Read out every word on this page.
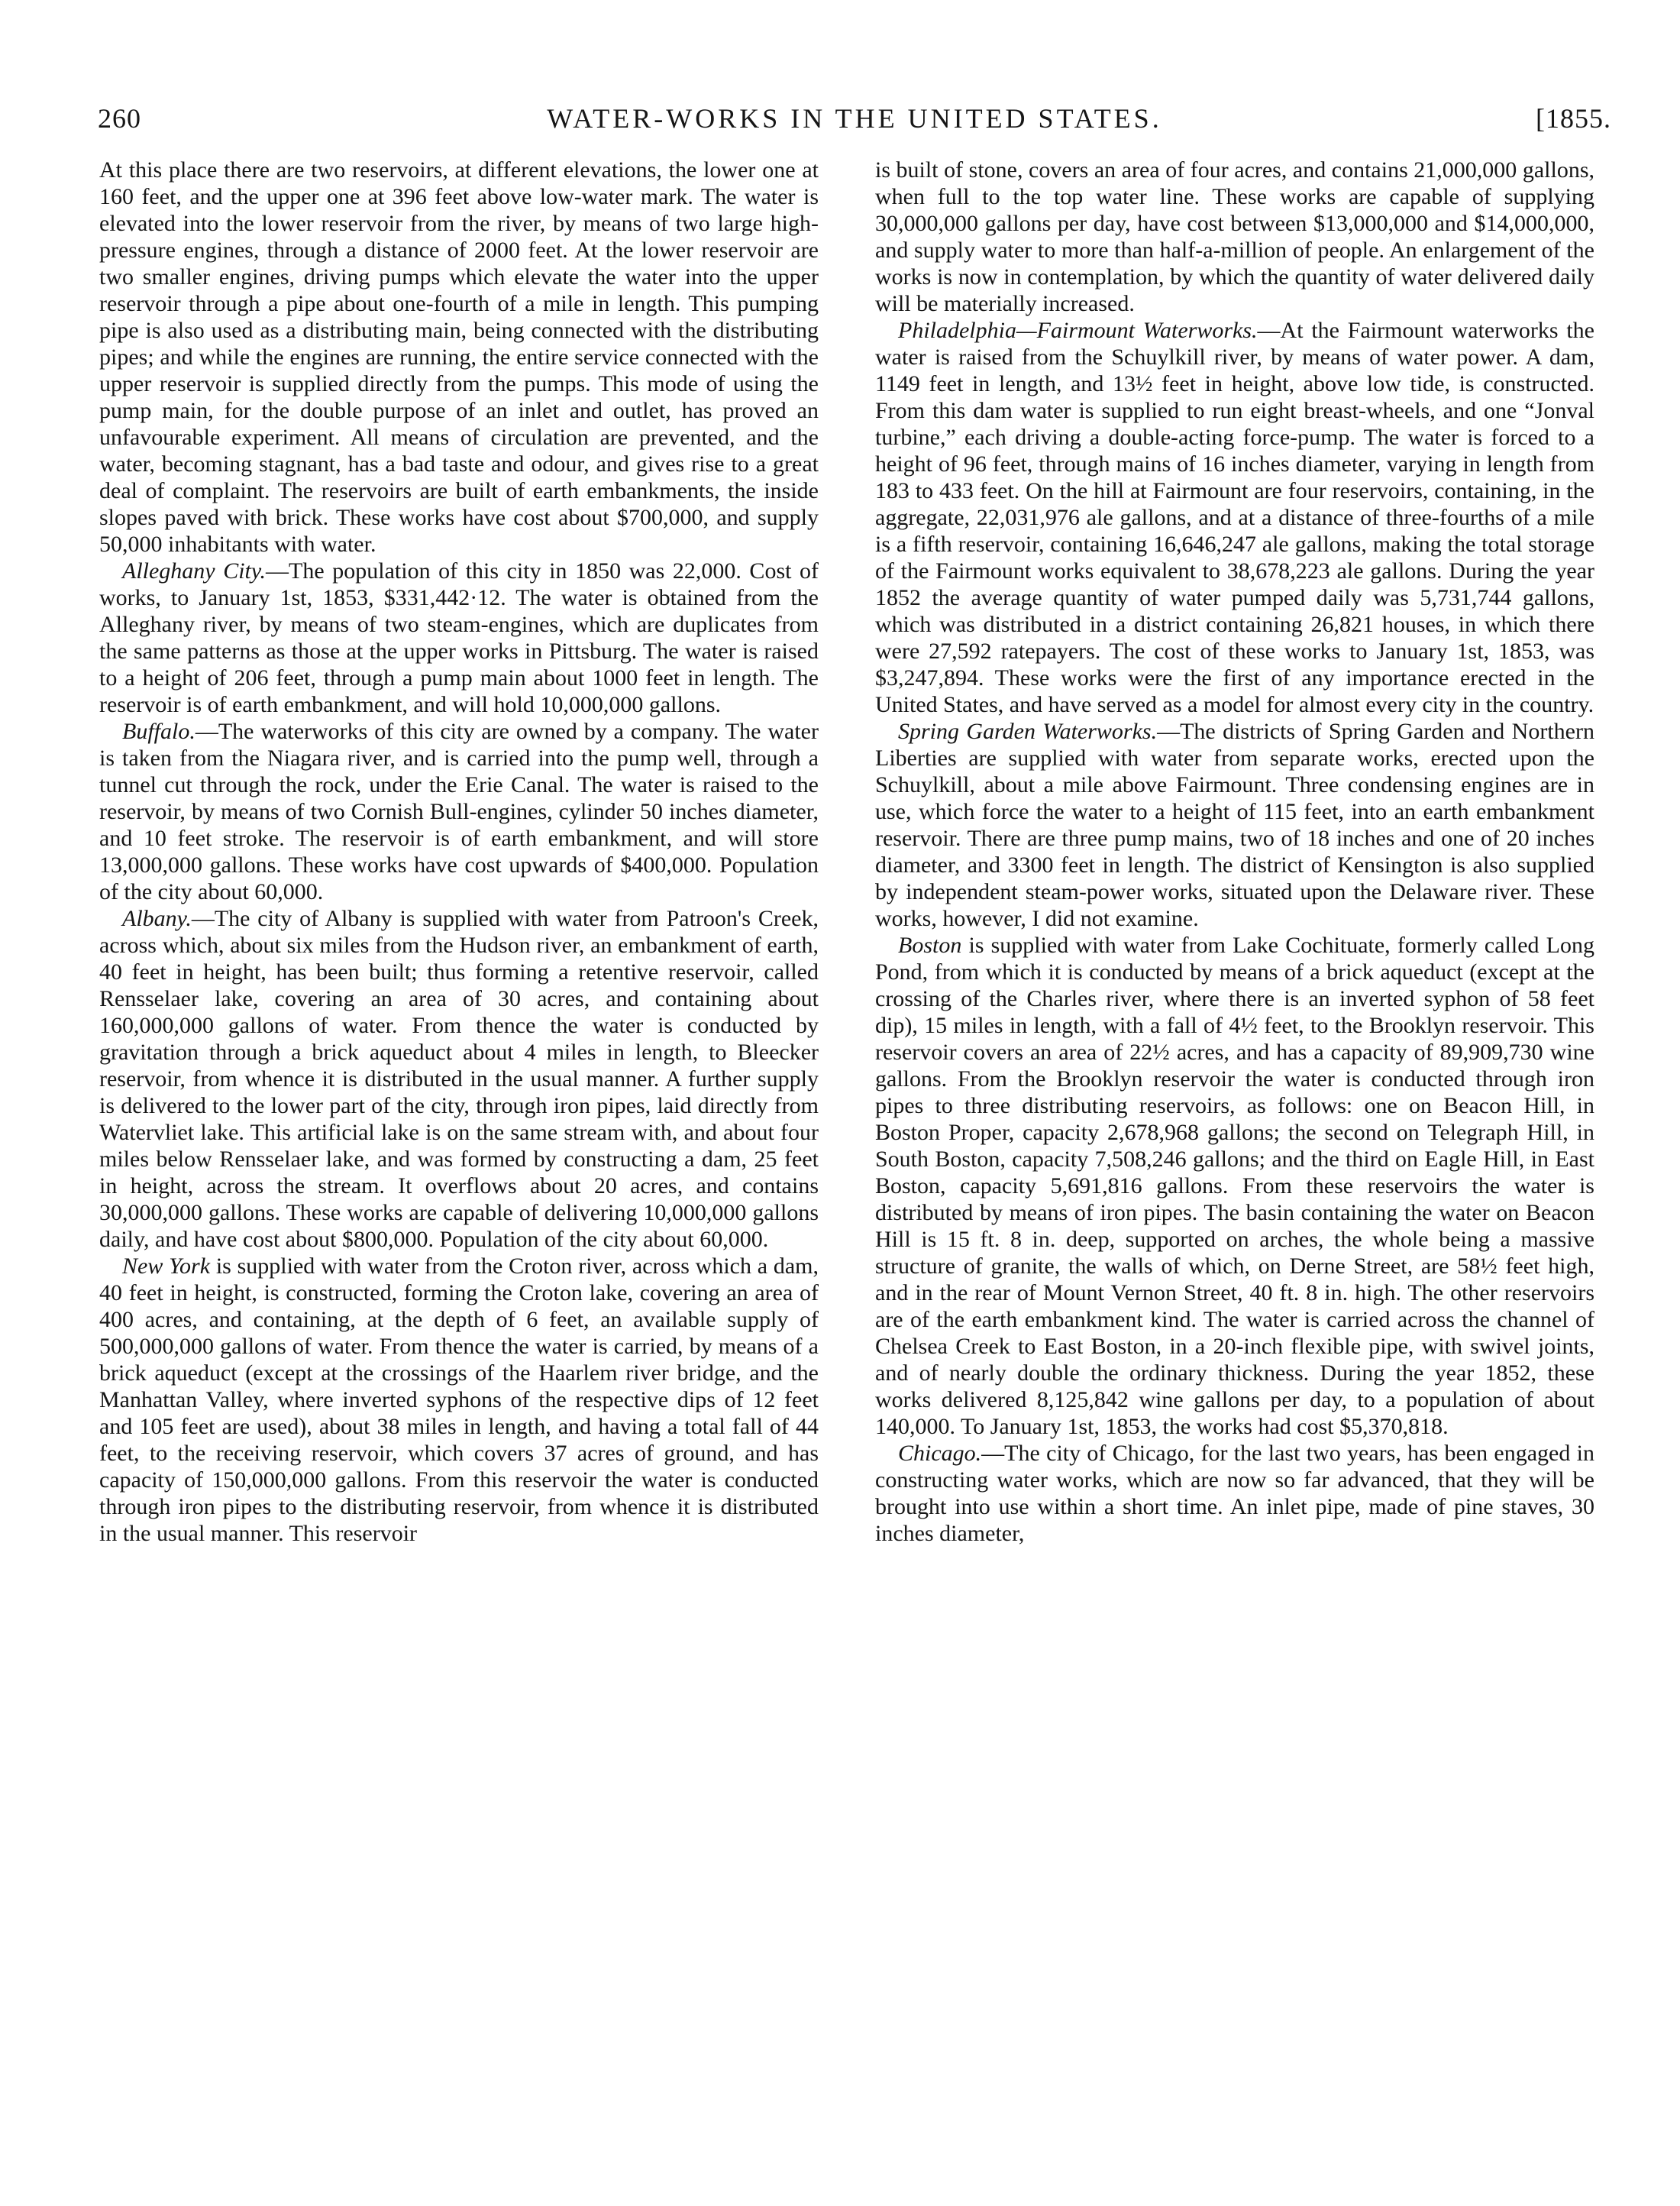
260	WATER-WORKS IN THE UNITED STATES.	[1855.

At this place there are two reservoirs, at different elevations, the lower one at 160 feet, and the upper one at 396 feet above low-water mark. The water is elevated into the lower reservoir from the river, by means of two large high-pressure engines, through a distance of 2000 feet. At the lower reservoir are two smaller engines, driving pumps which elevate the water into the upper reservoir through a pipe about one-fourth of a mile in length. This pumping pipe is also used as a distributing main, being connected with the distributing pipes; and while the engines are running, the entire service connected with the upper reservoir is supplied directly from the pumps. This mode of using the pump main, for the double purpose of an inlet and outlet, has proved an unfavourable experiment. All means of circulation are prevented, and the water, becoming stagnant, has a bad taste and odour, and gives rise to a great deal of complaint. The reservoirs are built of earth embankments, the inside slopes paved with brick. These works have cost about $700,000, and supply 50,000 inhabitants with water.

Alleghany City.—The population of this city in 1850 was 22,000. Cost of works, to January 1st, 1853, $331,442·12. The water is obtained from the Alleghany river, by means of two steam-engines, which are duplicates from the same patterns as those at the upper works in Pittsburg. The water is raised to a height of 206 feet, through a pump main about 1000 feet in length. The reservoir is of earth embankment, and will hold 10,000,000 gallons.

Buffalo.—The waterworks of this city are owned by a company. The water is taken from the Niagara river, and is carried into the pump well, through a tunnel cut through the rock, under the Erie Canal. The water is raised to the reservoir, by means of two Cornish Bull-engines, cylinder 50 inches diameter, and 10 feet stroke. The reservoir is of earth embankment, and will store 13,000,000 gallons. These works have cost upwards of $400,000. Population of the city about 60,000.

Albany.—The city of Albany is supplied with water from Patroon's Creek, across which, about six miles from the Hudson river, an embankment of earth, 40 feet in height, has been built; thus forming a retentive reservoir, called Rensselaer lake, covering an area of 30 acres, and containing about 160,000,000 gallons of water. From thence the water is conducted by gravitation through a brick aqueduct about 4 miles in length, to Bleecker reservoir, from whence it is distributed in the usual manner. A further supply is delivered to the lower part of the city, through iron pipes, laid directly from Watervliet lake. This artificial lake is on the same stream with, and about four miles below Rensselaer lake, and was formed by constructing a dam, 25 feet in height, across the stream. It overflows about 20 acres, and contains 30,000,000 gallons. These works are capable of delivering 10,000,000 gallons daily, and have cost about $800,000. Population of the city about 60,000.

New York is supplied with water from the Croton river, across which a dam, 40 feet in height, is constructed, forming the Croton lake, covering an area of 400 acres, and containing, at the depth of 6 feet, an available supply of 500,000,000 gallons of water. From thence the water is carried, by means of a brick aqueduct (except at the crossings of the Haarlem river bridge, and the Manhattan Valley, where inverted syphons of the respective dips of 12 feet and 105 feet are used), about 38 miles in length, and having a total fall of 44 feet, to the receiving reservoir, which covers 37 acres of ground, and has capacity of 150,000,000 gallons. From this reservoir the water is conducted through iron pipes to the distributing reservoir, from whence it is distributed in the usual manner. This reservoir

is built of stone, covers an area of four acres, and contains 21,000,000 gallons, when full to the top water line. These works are capable of supplying 30,000,000 gallons per day, have cost between $13,000,000 and $14,000,000, and supply water to more than half-a-million of people. An enlargement of the works is now in contemplation, by which the quantity of water delivered daily will be materially increased.

Philadelphia—Fairmount Waterworks.—At the Fairmount waterworks the water is raised from the Schuylkill river, by means of water power. A dam, 1149 feet in length, and 13½ feet in height, above low tide, is constructed. From this dam water is supplied to run eight breast-wheels, and one “Jonval turbine,” each driving a double-acting force-pump. The water is forced to a height of 96 feet, through mains of 16 inches diameter, varying in length from 183 to 433 feet. On the hill at Fairmount are four reservoirs, containing, in the aggregate, 22,031,976 ale gallons, and at a distance of three-fourths of a mile is a fifth reservoir, containing 16,646,247 ale gallons, making the total storage of the Fairmount works equivalent to 38,678,223 ale gallons. During the year 1852 the average quantity of water pumped daily was 5,731,744 gallons, which was distributed in a district containing 26,821 houses, in which there were 27,592 ratepayers. The cost of these works to January 1st, 1853, was $3,247,894. These works were the first of any importance erected in the United States, and have served as a model for almost every city in the country.

Spring Garden Waterworks.—The districts of Spring Garden and Northern Liberties are supplied with water from separate works, erected upon the Schuylkill, about a mile above Fairmount. Three condensing engines are in use, which force the water to a height of 115 feet, into an earth embankment reservoir. There are three pump mains, two of 18 inches and one of 20 inches diameter, and 3300 feet in length. The district of Kensington is also supplied by independent steam-power works, situated upon the Delaware river. These works, however, I did not examine.

Boston is supplied with water from Lake Cochituate, formerly called Long Pond, from which it is conducted by means of a brick aqueduct (except at the crossing of the Charles river, where there is an inverted syphon of 58 feet dip), 15 miles in length, with a fall of 4½ feet, to the Brooklyn reservoir. This reservoir covers an area of 22½ acres, and has a capacity of 89,909,730 wine gallons. From the Brooklyn reservoir the water is conducted through iron pipes to three distributing reservoirs, as follows: one on Beacon Hill, in Boston Proper, capacity 2,678,968 gallons; the second on Telegraph Hill, in South Boston, capacity 7,508,246 gallons; and the third on Eagle Hill, in East Boston, capacity 5,691,816 gallons. From these reservoirs the water is distributed by means of iron pipes. The basin containing the water on Beacon Hill is 15 ft. 8 in. deep, supported on arches, the whole being a massive structure of granite, the walls of which, on Derne Street, are 58½ feet high, and in the rear of Mount Vernon Street, 40 ft. 8 in. high. The other reservoirs are of the earth embankment kind. The water is carried across the channel of Chelsea Creek to East Boston, in a 20-inch flexible pipe, with swivel joints, and of nearly double the ordinary thickness. During the year 1852, these works delivered 8,125,842 wine gallons per day, to a population of about 140,000. To January 1st, 1853, the works had cost $5,370,818.

Chicago.—The city of Chicago, for the last two years, has been engaged in constructing water works, which are now so far advanced, that they will be brought into use within a short time. An inlet pipe, made of pine staves, 30 inches diameter,
